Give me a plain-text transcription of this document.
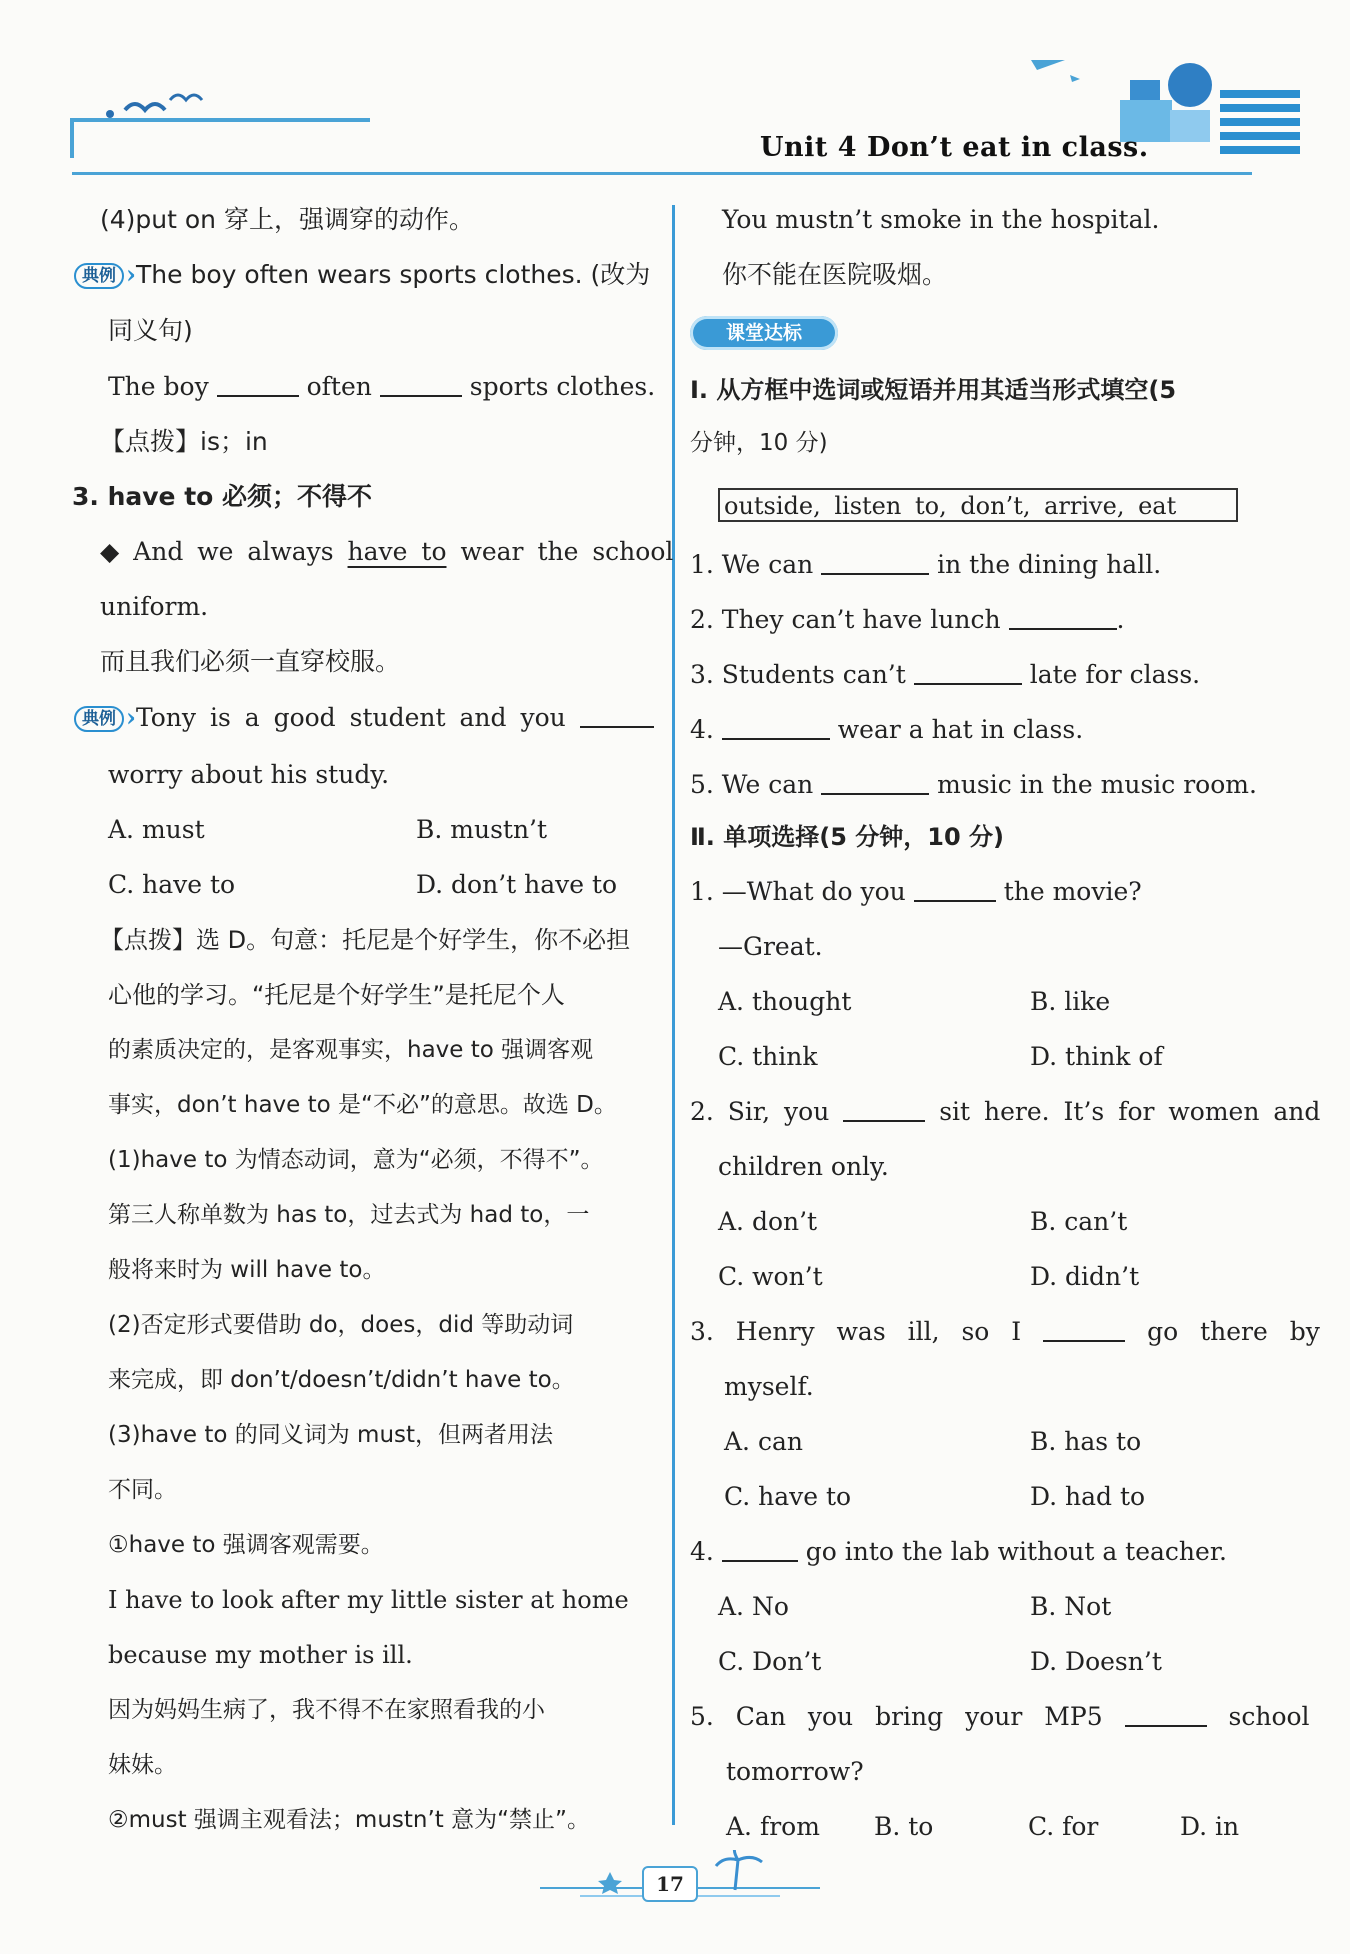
Unit 4 Don’t eat in class.
(4)put on 穿上，强调穿的动作。
典例 ›The boy often wears sports clothes. (改为
同义句)
The boy	often	sports clothes.
【点拨】is；in
3. have to 必须；不得不
◆ And we always have to wear the school
uniform.
而且我们必须一直穿校服。
典例 ›Tony is a good student and you
worry about his study.
A. must	B. mustn’t
C. have to	D. don’t have to
【点拨】选 D。句意：托尼是个好学生，你不必担
心他的学习。“托尼是个好学生”是托尼个人
的素质决定的，是客观事实，have to 强调客观
事实，don’t have to 是“不必”的意思。故选 D。
(1)have to 为情态动词，意为“必须，不得不”。
第三人称单数为 has to，过去式为 had to，一
般将来时为 will have to。
(2)否定形式要借助 do，does，did 等助动词
来完成，即 don’t/doesn’t/didn’t have to。
(3)have to 的同义词为 must，但两者用法
不同。
①have to 强调客观需要。
I have to look after my little sister at home
because my mother is ill.
因为妈妈生病了，我不得不在家照看我的小
妹妹。
②must 强调主观看法；mustn’t 意为“禁止”。
You mustn’t smoke in the hospital.
你不能在医院吸烟。
课堂达标
Ⅰ. 从方框中选词或短语并用其适当形式填空(5
分钟，10 分)
outside, listen to, don’t, arrive, eat
1. We can	in the dining hall.
2. They can’t have lunch	.
3. Students can’t	late for class.
4.	wear a hat in class.
5. We can	music in the music room.
Ⅱ. 单项选择(5 分钟，10 分)
1. —What do you	the movie?
—Great.
A. thought	B. like
C. think	D. think of
2. Sir, you	sit here. It’s for women and
children only.
A. don’t	B. can’t
C. won’t	D. didn’t
3. Henry was ill, so I	go there by
myself.
A. can	B. has to
C. have to	D. had to
4.	go into the lab without a teacher.
A. No	B. Not
C. Don’t	D. Doesn’t
5. Can you bring your MP5	school
tomorrow?
A. from B. to	C. for	D. in
17
